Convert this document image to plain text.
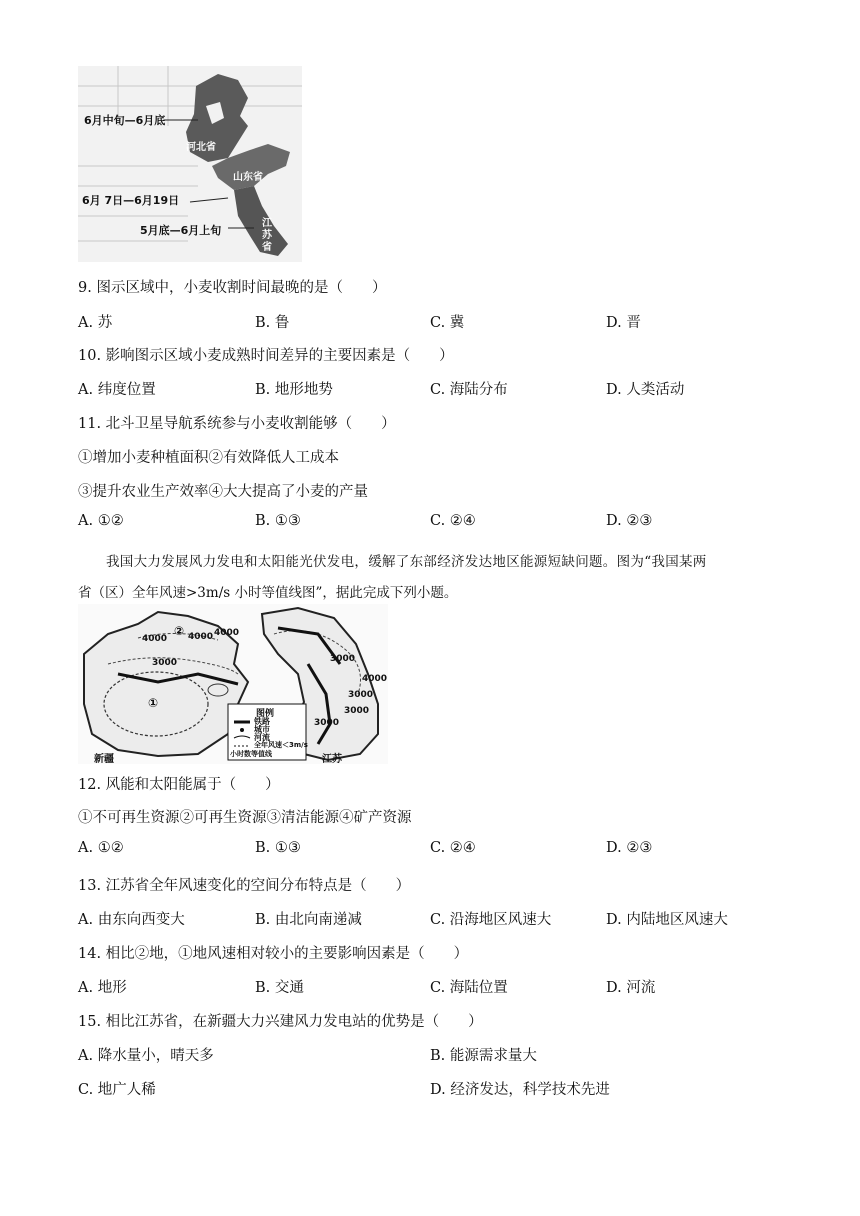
6月中旬—6月底
河北省
山东省
6月 7日—6月19日
5月底—6月上旬
江
苏
省
9. 图示区域中，小麦收割时间最晚的是（　　）
A. 苏	B. 鲁	C. 冀	D. 晋
10. 影响图示区域小麦成熟时间差异的主要因素是（　　）
A. 纬度位置	B. 地形地势	C. 海陆分布	D. 人类活动
11. 北斗卫星导航系统参与小麦收割能够（　　）
①增加小麦种植面积②有效降低人工成本
③提升农业生产效率④大大提高了小麦的产量
A. ①②	B. ①③	C. ②④	D. ②③
我国大力发展风力发电和太阳能光伏发电，缓解了东部经济发达地区能源短缺问题。图为“我国某两
省（区）全年风速>3m/s 小时等值线图”，据此完成下列小题。
②
4000 4000 4000
3000
①
新疆
3000
4000
3000
3000
3000
江苏
图例
铁路
城市
河流
全年风速＜3m/s
小时数等值线
12. 风能和太阳能属于（　　）
①不可再生资源②可再生资源③清洁能源④矿产资源
A. ①②	B. ①③	C. ②④	D. ②③
13. 江苏省全年风速变化的空间分布特点是（　　）
A. 由东向西变大	B. 由北向南递减	C. 沿海地区风速大	D. 内陆地区风速大
14. 相比②地，①地风速相对较小的主要影响因素是（　　）
A. 地形	B. 交通	C. 海陆位置	D. 河流
15. 相比江苏省，在新疆大力兴建风力发电站的优势是（　　）
A. 降水量小，晴天多	B. 能源需求量大
C. 地广人稀	D. 经济发达，科学技术先进
